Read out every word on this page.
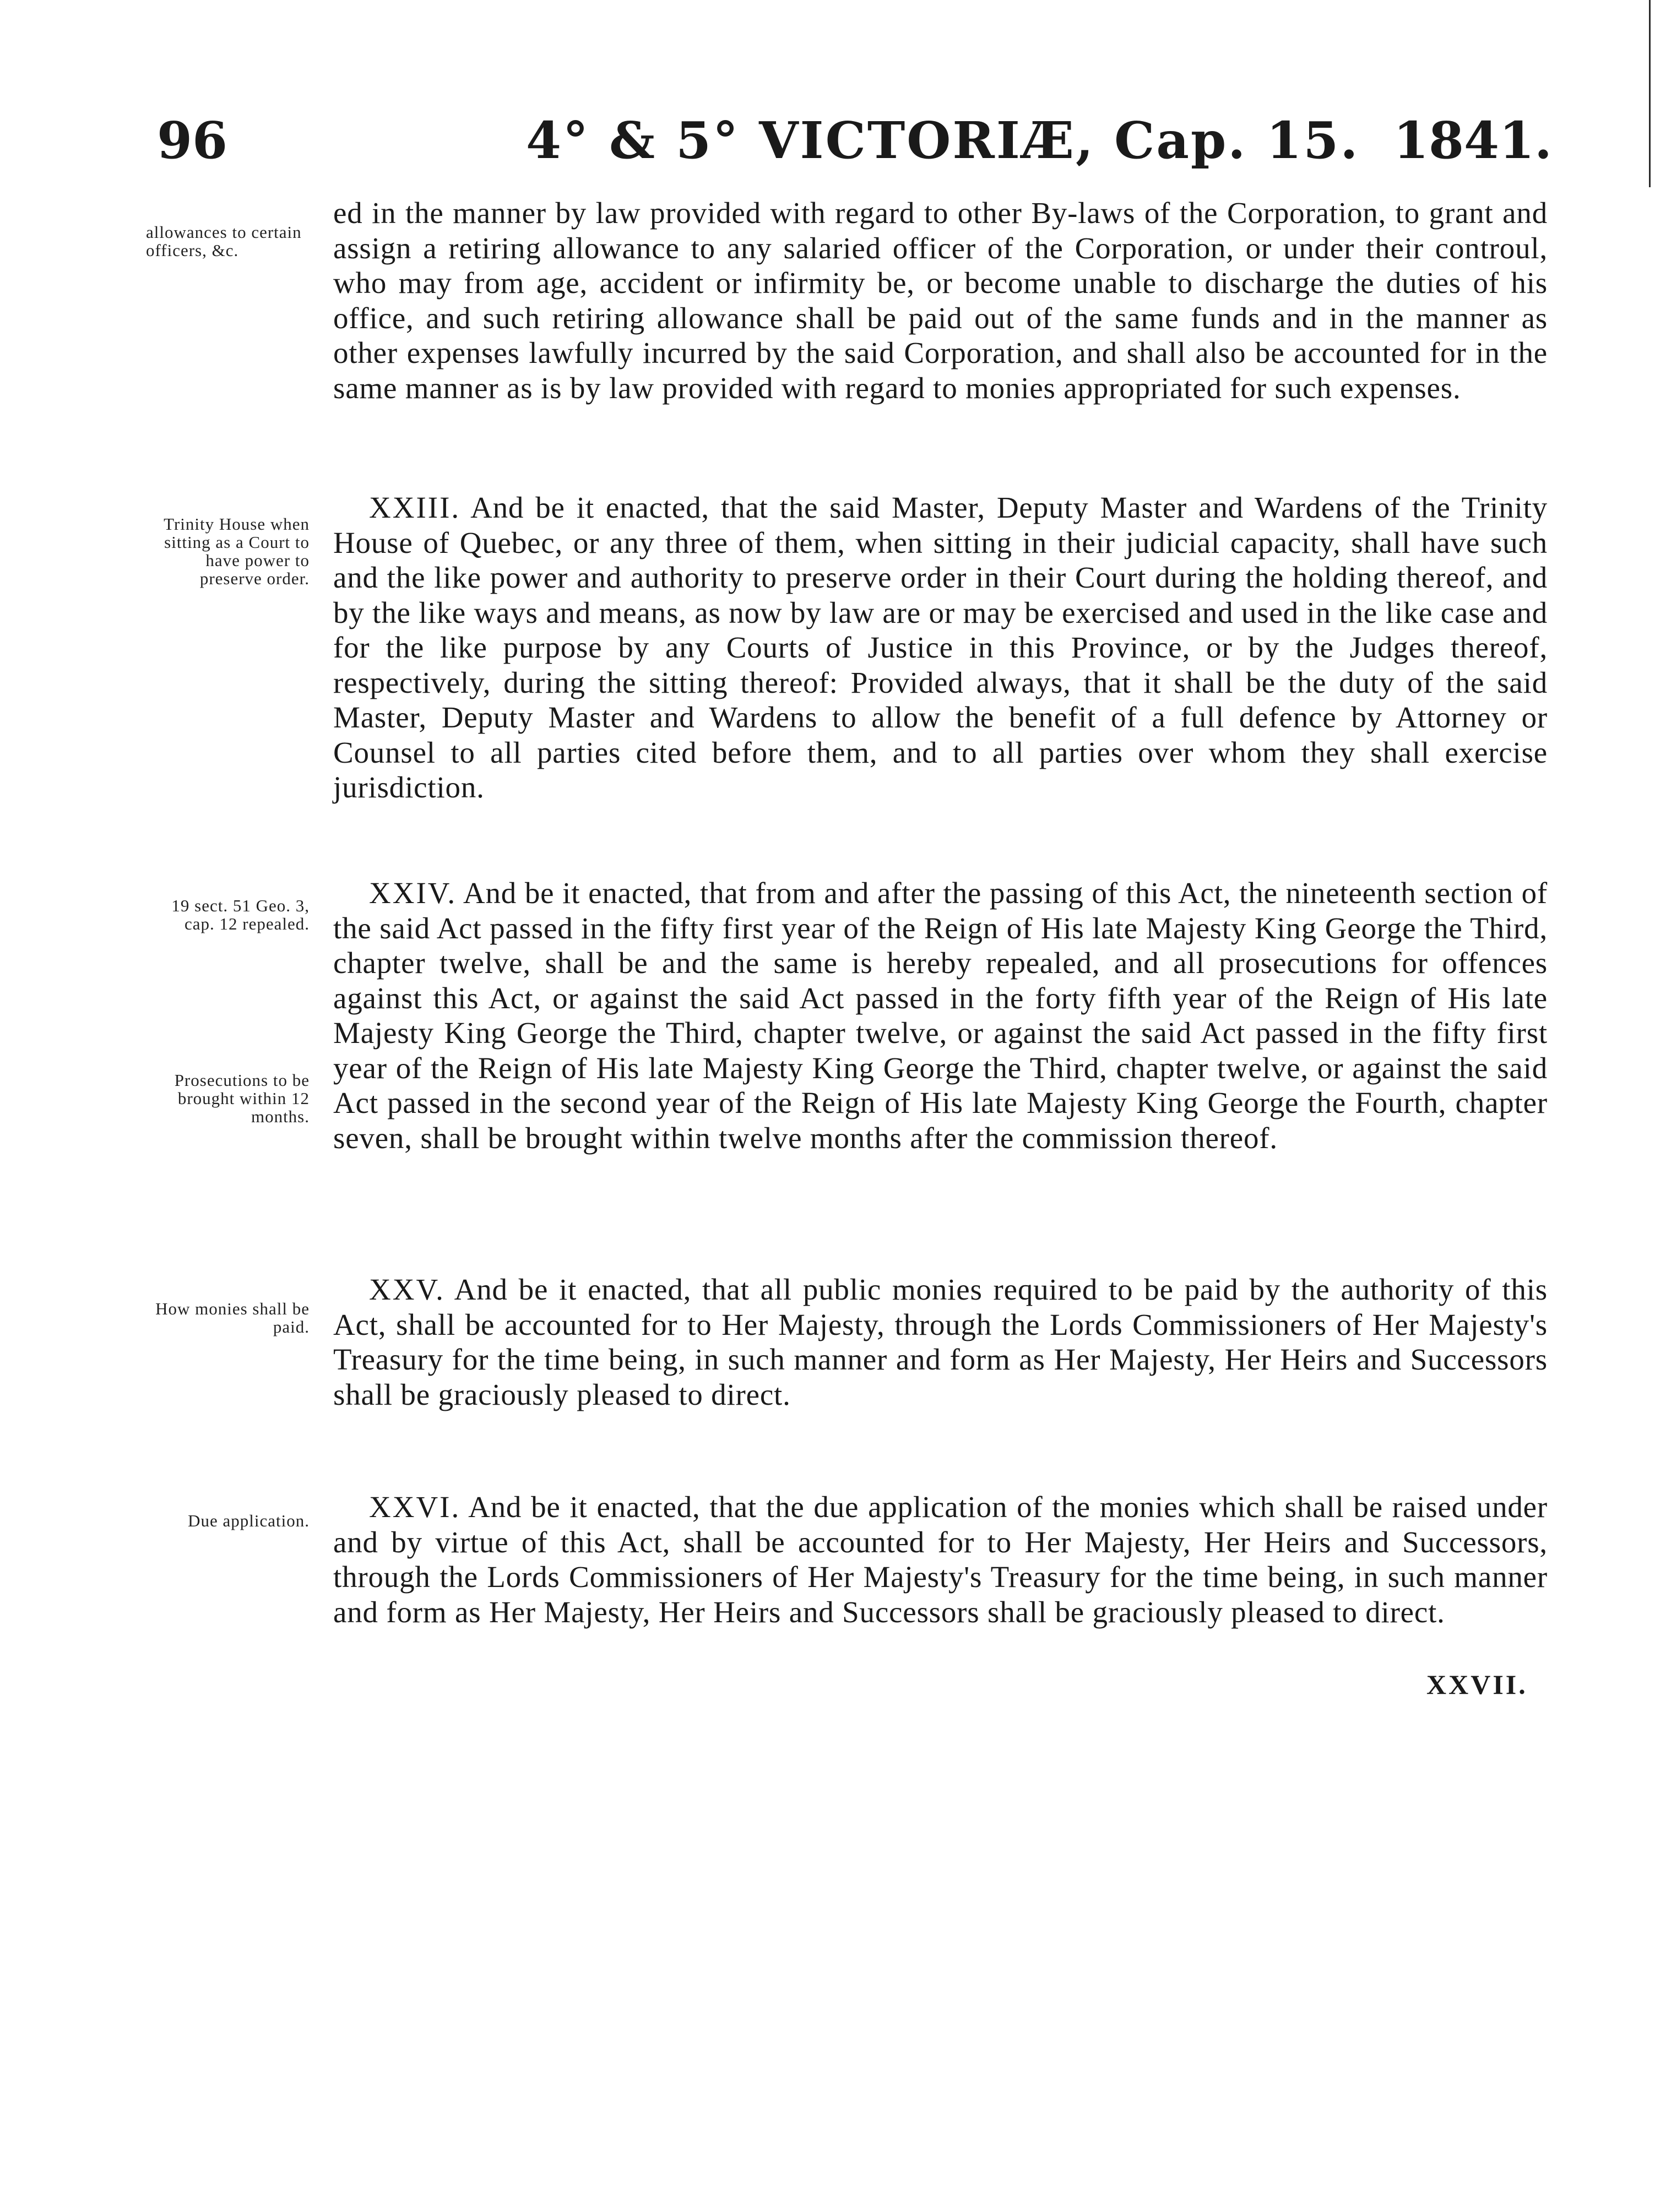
96	4° & 5° VICTORIÆ, Cap. 15. 1841.
allowances to certain officers, &c.
Trinity House when sitting as a Court to have power to preserve order.
19 sect. 51 Geo. 3, cap. 12 repealed.
Prosecutions to be brought within 12 months.
How monies shall be paid.
Due application.

ed in the manner by law provided with regard to other By-laws of the Corporation, to grant and assign a retiring allowance to any salaried officer of the Corporation, or under their controul, who may from age, accident or infirmity be, or become unable to discharge the duties of his office, and such retiring allowance shall be paid out of the same funds and in the manner as other expenses lawfully incurred by the said Corporation, and shall also be accounted for in the same manner as is by law provided with regard to monies appropriated for such expenses.

XXIII. And be it enacted, that the said Master, Deputy Master and Wardens of the Trinity House of Quebec, or any three of them, when sitting in their judicial capacity, shall have such and the like power and authority to preserve order in their Court during the holding thereof, and by the like ways and means, as now by law are or may be exercised and used in the like case and for the like purpose by any Courts of Justice in this Province, or by the Judges thereof, respectively, during the sitting thereof: Provided always, that it shall be the duty of the said Master, Deputy Master and Wardens to allow the benefit of a full defence by Attorney or Counsel to all parties cited before them, and to all parties over whom they shall exercise jurisdiction.

XXIV. And be it enacted, that from and after the passing of this Act, the nineteenth section of the said Act passed in the fifty first year of the Reign of His late Majesty King George the Third, chapter twelve, shall be and the same is hereby repealed, and all prosecutions for offences against this Act, or against the said Act passed in the forty fifth year of the Reign of His late Majesty King George the Third, chapter twelve, or against the said Act passed in the fifty first year of the Reign of His late Majesty King George the Third, chapter twelve, or against the said Act passed in the second year of the Reign of His late Majesty King George the Fourth, chapter seven, shall be brought within twelve months after the commission thereof.

XXV. And be it enacted, that all public monies required to be paid by the authority of this Act, shall be accounted for to Her Majesty, through the Lords Commissioners of Her Majesty's Treasury for the time being, in such manner and form as Her Majesty, Her Heirs and Successors shall be graciously pleased to direct.

XXVI. And be it enacted, that the due application of the monies which shall be raised under and by virtue of this Act, shall be accounted for to Her Majesty, Her Heirs and Successors, through the Lords Commissioners of Her Majesty's Treasury for the time being, in such manner and form as Her Majesty, Her Heirs and Successors shall be graciously pleased to direct.

XXVII.
